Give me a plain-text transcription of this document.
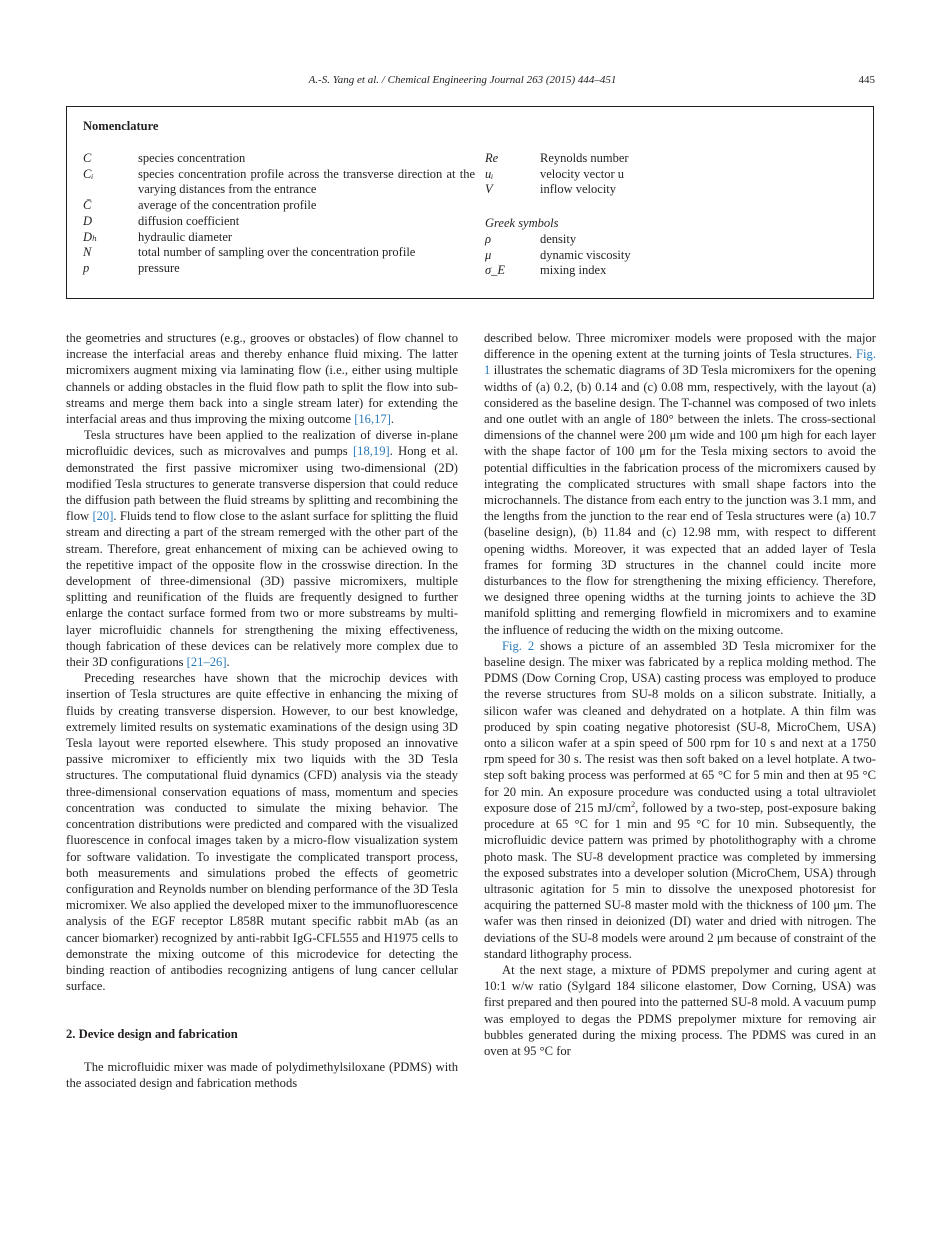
A.-S. Yang et al. / Chemical Engineering Journal 263 (2015) 444–451	445
Nomenclature
C	species concentration
Cᵢ	species concentration profile across the transverse direction at the varying distances from the entrance
C̄	average of the concentration profile
D	diffusion coefficient
Dₕ	hydraulic diameter
N	total number of sampling over the concentration profile
p	pressure
Re	Reynolds number
uᵢ	velocity vector u
V	inflow velocity
Greek symbols
ρ	density
μ	dynamic viscosity
σ_E	mixing index

the geometries and structures (e.g., grooves or obstacles) of flow channel to increase the interfacial areas and thereby enhance fluid mixing. The latter micromixers augment mixing via laminating flow (i.e., either using multiple channels or adding obstacles in the fluid flow path to split the flow into sub-streams and merge them back into a single stream later) for extending the interfacial areas and thus improving the mixing outcome [16,17].

Tesla structures have been applied to the realization of diverse in-plane microfluidic devices, such as microvalves and pumps [18,19]. Hong et al. demonstrated the first passive micromixer using two-dimensional (2D) modified Tesla structures to generate transverse dispersion that could reduce the diffusion path between the fluid streams by splitting and recombining the flow [20]. Fluids tend to flow close to the aslant surface for splitting the fluid stream and directing a part of the stream remerged with the other part of the stream. Therefore, great enhancement of mixing can be achieved owing to the repetitive impact of the opposite flow in the crosswise direction. In the development of three-dimensional (3D) passive micromixers, multiple splitting and reunification of the fluids are frequently designed to further enlarge the contact surface formed from two or more substreams by multi-layer microfluidic channels for strengthening the mixing effectiveness, though fabrication of these devices can be relatively more complex due to their 3D configurations [21–26].

Preceding researches have shown that the microchip devices with insertion of Tesla structures are quite effective in enhancing the mixing of fluids by creating transverse dispersion. However, to our best knowledge, extremely limited results on systematic examinations of the design using 3D Tesla layout were reported elsewhere. This study proposed an innovative passive micromixer to efficiently mix two liquids with the 3D Tesla structures. The computational fluid dynamics (CFD) analysis via the steady three-dimensional conservation equations of mass, momentum and species concentration was conducted to simulate the mixing behavior. The concentration distributions were predicted and compared with the visualized fluorescence in confocal images taken by a micro-flow visualization system for software validation. To investigate the complicated transport process, both measurements and simulations probed the effects of geometric configuration and Reynolds number on blending performance of the 3D Tesla micromixer. We also applied the developed mixer to the immunofluorescence analysis of the EGF receptor L858R mutant specific rabbit mAb (as an cancer biomarker) recognized by anti-rabbit IgG-CFL555 and H1975 cells to demonstrate the mixing outcome of this microdevice for detecting the binding reaction of antibodies recognizing antigens of lung cancer cellular surface.

2. Device design and fabrication

The microfluidic mixer was made of polydimethylsiloxane (PDMS) with the associated design and fabrication methods

described below. Three micromixer models were proposed with the major difference in the opening extent at the turning joints of Tesla structures. Fig. 1 illustrates the schematic diagrams of 3D Tesla micromixers for the opening widths of (a) 0.2, (b) 0.14 and (c) 0.08 mm, respectively, with the layout (a) considered as the baseline design. The T-channel was composed of two inlets and one outlet with an angle of 180° between the inlets. The cross-sectional dimensions of the channel were 200 μm wide and 100 μm high for each layer with the shape factor of 100 μm for the Tesla mixing sectors to avoid the potential difficulties in the fabrication process of the micromixers caused by integrating the complicated structures with small shape factors into the microchannels. The distance from each entry to the junction was 3.1 mm, and the lengths from the junction to the rear end of Tesla structures were (a) 10.7 (baseline design), (b) 11.84 and (c) 12.98 mm, with respect to different opening widths. Moreover, it was expected that an added layer of Tesla frames for forming 3D structures in the channel could incite more disturbances to the flow for strengthening the mixing efficiency. Therefore, we designed three opening widths at the turning joints to achieve the 3D manifold splitting and remerging flowfield in micromixers and to examine the influence of reducing the width on the mixing outcome.

Fig. 2 shows a picture of an assembled 3D Tesla micromixer for the baseline design. The mixer was fabricated by a replica molding method. The PDMS (Dow Corning Crop, USA) casting process was employed to produce the reverse structures from SU-8 molds on a silicon substrate. Initially, a silicon wafer was cleaned and dehydrated on a hotplate. A thin film was produced by spin coating negative photoresist (SU-8, MicroChem, USA) onto a silicon wafer at a spin speed of 500 rpm for 10 s and next at a 1750 rpm speed for 30 s. The resist was then soft baked on a level hotplate. A two-step soft baking process was performed at 65 °C for 5 min and then at 95 °C for 20 min. An exposure procedure was conducted using a total ultraviolet exposure dose of 215 $mJ/cm^2$, followed by a two-step, post-exposure baking procedure at 65 °C for 1 min and 95 °C for 10 min. Subsequently, the microfluidic device pattern was primed by photolithography with a chrome photo mask. The SU-8 development practice was completed by immersing the exposed substrates into a developer solution (MicroChem, USA) through ultrasonic agitation for 5 min to dissolve the unexposed photoresist for acquiring the patterned SU-8 master mold with the thickness of 100 μm. The wafer was then rinsed in deionized (DI) water and dried with nitrogen. The deviations of the SU-8 models were around 2 μm because of constraint of the standard lithography process.

At the next stage, a mixture of PDMS prepolymer and curing agent at 10:1 w/w ratio (Sylgard 184 silicone elastomer, Dow Corning, USA) was first prepared and then poured into the patterned SU-8 mold. A vacuum pump was employed to degas the PDMS prepolymer mixture for removing air bubbles generated during the mixing process. The PDMS was cured in an oven at 95 °C for
